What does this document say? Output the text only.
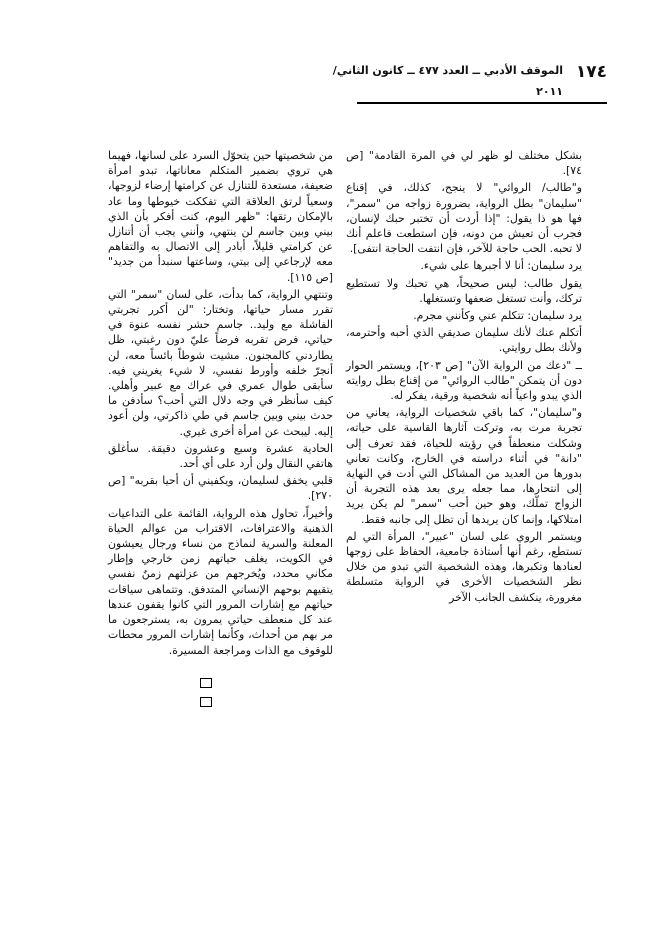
١٧٤
الموقف الأدبي ــ العدد ٤٧٧ ــ كانون الثاني/
٢٠١١

بشكل مختلف لو ظهر لي في المرة القادمة" [ص ٧٤].

و"طالب/ الروائي" لا ينجح، كذلك، في إقناع "سليمان" بطل الرواية، بضرورة زواجه من "سمر"، فها هو ذا يقول: "إذا أردت أن تختبر حبك لإنسان، فجرب أن تعيش من دونه، فإن استطعت فاعلم أنك لا تحبه. الحب حاجة للآخر، فإن انتفت الحاجة انتفى].

يرد سليمان: أنا لا أجبرها على شيء.

يقول طالب: ليس صحيحاً، هي تحبك ولا تستطيع تركك، وأنت تستغل ضعفها وتستغلها.

يرد سليمان: تتكلم عني وكأنني مجرم.

أتكلم عنك لأنك سليمان صديقي الذي أحبه وأحترمه، ولأنك بطل روايتي.

ــ "دعك من الرواية الآن" [ص ٢٠٣]، ويستمر الحوار دون أن يتمكن "طالب الروائي" من إقناع بطل روايته الذي يبدو واعياً أنه شخصية ورقية، يفكر له.

و"سليمان"، كما باقي شخصيات الرواية، يعاني من تجربة مرت به، وتركت آثارها القاسية على حياته، وشكلت منعطفاً في رؤيته للحياة، فقد تعرف إلى "دانة" في أثناء دراسته في الخارج، وكانت تعاني بدورها من العديد من المشاكل التي أدت في النهاية إلى انتحارها، مما جعله يرى بعد هذه التجربة أن الزواج تملّك، وهو حين أحب "سمر" لم يكن يريد امتلاكها، وإنما كان يريدها أن تظل إلى جانبه فقط.

ويستمر الروي على لسان "عبير"، المرأة التي لم تستطع، رغم أنها أستاذة جامعية، الحفاظ على زوجها لعنادها وتكبرها، وهذه الشخصية التي تبدو من خلال نظر الشخصيات الأخرى في الرواية متسلطة مغرورة، ينكشف الجانب الآخر

من شخصيتها حين يتحوّل السرد على لسانها، فهيما هي تروي بضمير المتكلم معاناتها، تبدو امرأة ضعيفة، مستعدة للتنازل عن كرامتها إرضاء لزوجها، وسعياً لرتق العلاقة التي تفككت خيوطها وما عاد بالإمكان رتقها: "ظهر اليوم، كنت أفكر بأن الذي بيني وبين جاسم لن ينتهي، وأنني يجب أن أتنازل عن كرامتي قليلاً، أبادر إلى الاتصال به والتفاهم معه لإرجاعي إلى بيتي، وساعتها سنبدأ من جديد" [ص ١١٥].

وتنتهي الرواية، كما بدأت، على لسان "سمر" التي تقرر مسار حياتها، وتختار: "لن أكرر تجربتي الفاشلة مع وليد.. جاسم حشر نفسه عنوة في حياتي، فرض تقربه فرضاً عليّ دون رغبتي، ظل يطاردني كالمجنون. مشيت شوطاً بائساً معه، لن أنجرّ خلفه وأورط نفسي، لا شيء يغريني فيه. سأبقى طوال عمري في عراك مع عبير وأهلي. كيف سأنظر في وجه دلال التي أحب؟ سأدفن ما حدث بيني وبين جاسم في طي ذاكرتي، ولن أعود إليه. ليبحث عن امرأة أخرى غيري.

الحادية عشرة وسبع وعشرون دقيقة. سأغلق هاتفي النقال ولن أرد على أي أحد.

قلبي يخفق لسليمان، ويكفيني أن أحيا بقربه" [ص ٢٧٠].

وأخيراً، تحاول هذه الرواية، القائمة على التداعيات الذهنية والاعترافات، الاقتراب من عوالم الحياة المعلنة والسرية لنماذج من نساء ورجال يعيشون في الكويت، يغلف حياتهم زمن خارجي وإطار مكاني محدد، ويُخرجهم من عزلتهم زمنٌ نفسي يتقيهم بوحهم الإنساني المتدفق. وتتماهى سياقات حياتهم مع إشارات المرور التي كانوا يقفون عندها عند كل منعطف حياتي يمرون به، يسترجعون ما مر بهم من أحداث، وكأنما إشارات المرور محطات للوقوف مع الذات ومراجعة المسيرة.
